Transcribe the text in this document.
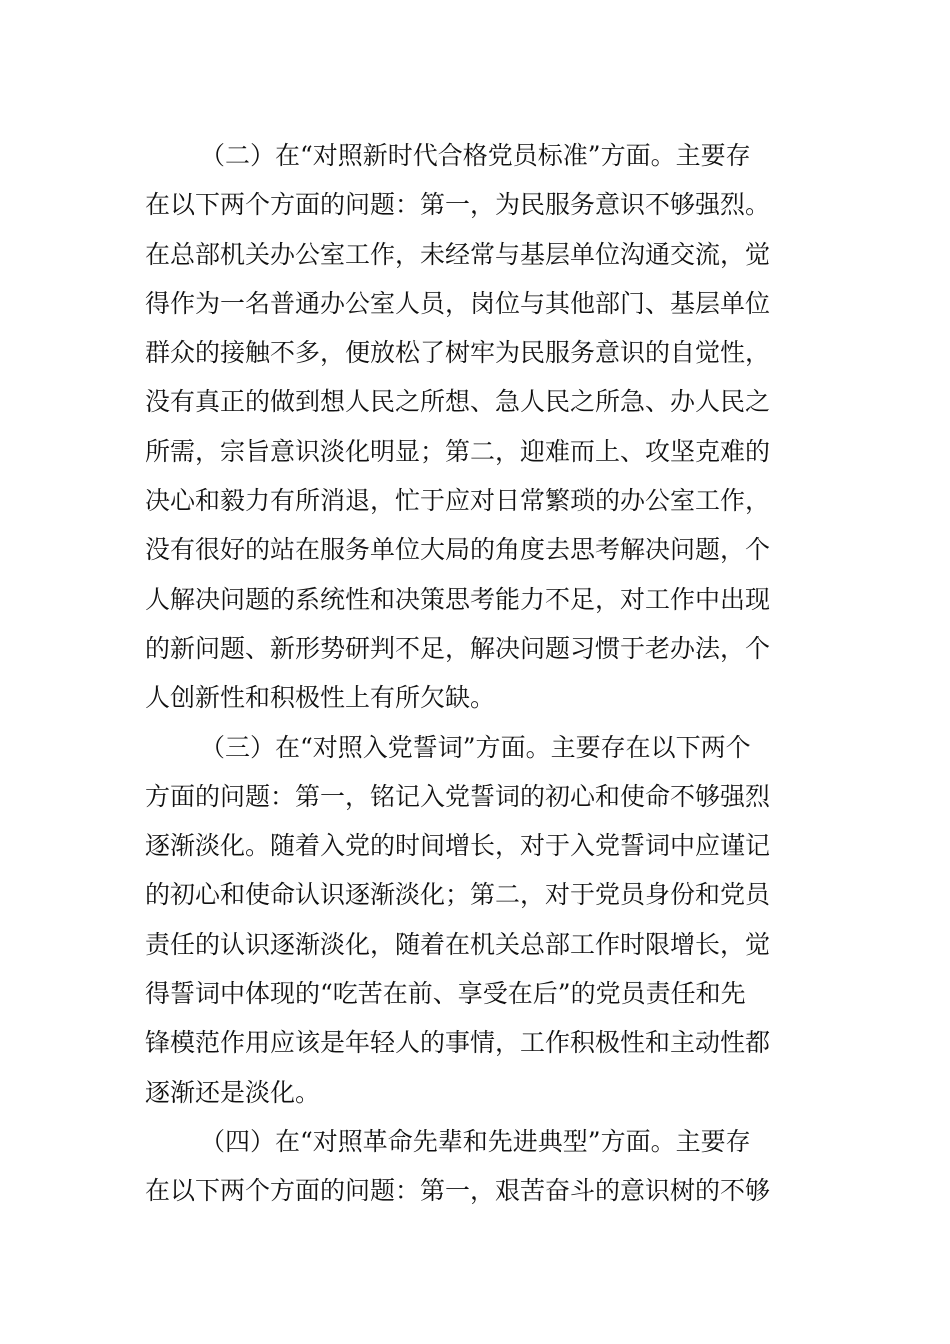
（二）在“对照新时代合格党员标准”方面。主要存
在以下两个方面的问题：第一，为民服务意识不够强烈。
在总部机关办公室工作，未经常与基层单位沟通交流，觉
得作为一名普通办公室人员，岗位与其他部门、基层单位
群众的接触不多，便放松了树牢为民服务意识的自觉性，
没有真正的做到想人民之所想、急人民之所急、办人民之
所需，宗旨意识淡化明显；第二，迎难而上、攻坚克难的
决心和毅力有所消退，忙于应对日常繁琐的办公室工作，
没有很好的站在服务单位大局的角度去思考解决问题，个
人解决问题的系统性和决策思考能力不足，对工作中出现
的新问题、新形势研判不足，解决问题习惯于老办法，个
人创新性和积极性上有所欠缺。
（三）在“对照入党誓词”方面。主要存在以下两个
方面的问题：第一，铭记入党誓词的初心和使命不够强烈
逐渐淡化。随着入党的时间增长，对于入党誓词中应谨记
的初心和使命认识逐渐淡化；第二，对于党员身份和党员
责任的认识逐渐淡化，随着在机关总部工作时限增长，觉
得誓词中体现的“吃苦在前、享受在后”的党员责任和先
锋模范作用应该是年轻人的事情，工作积极性和主动性都
逐渐还是淡化。
（四）在“对照革命先辈和先进典型”方面。主要存
在以下两个方面的问题：第一，艰苦奋斗的意识树的不够
